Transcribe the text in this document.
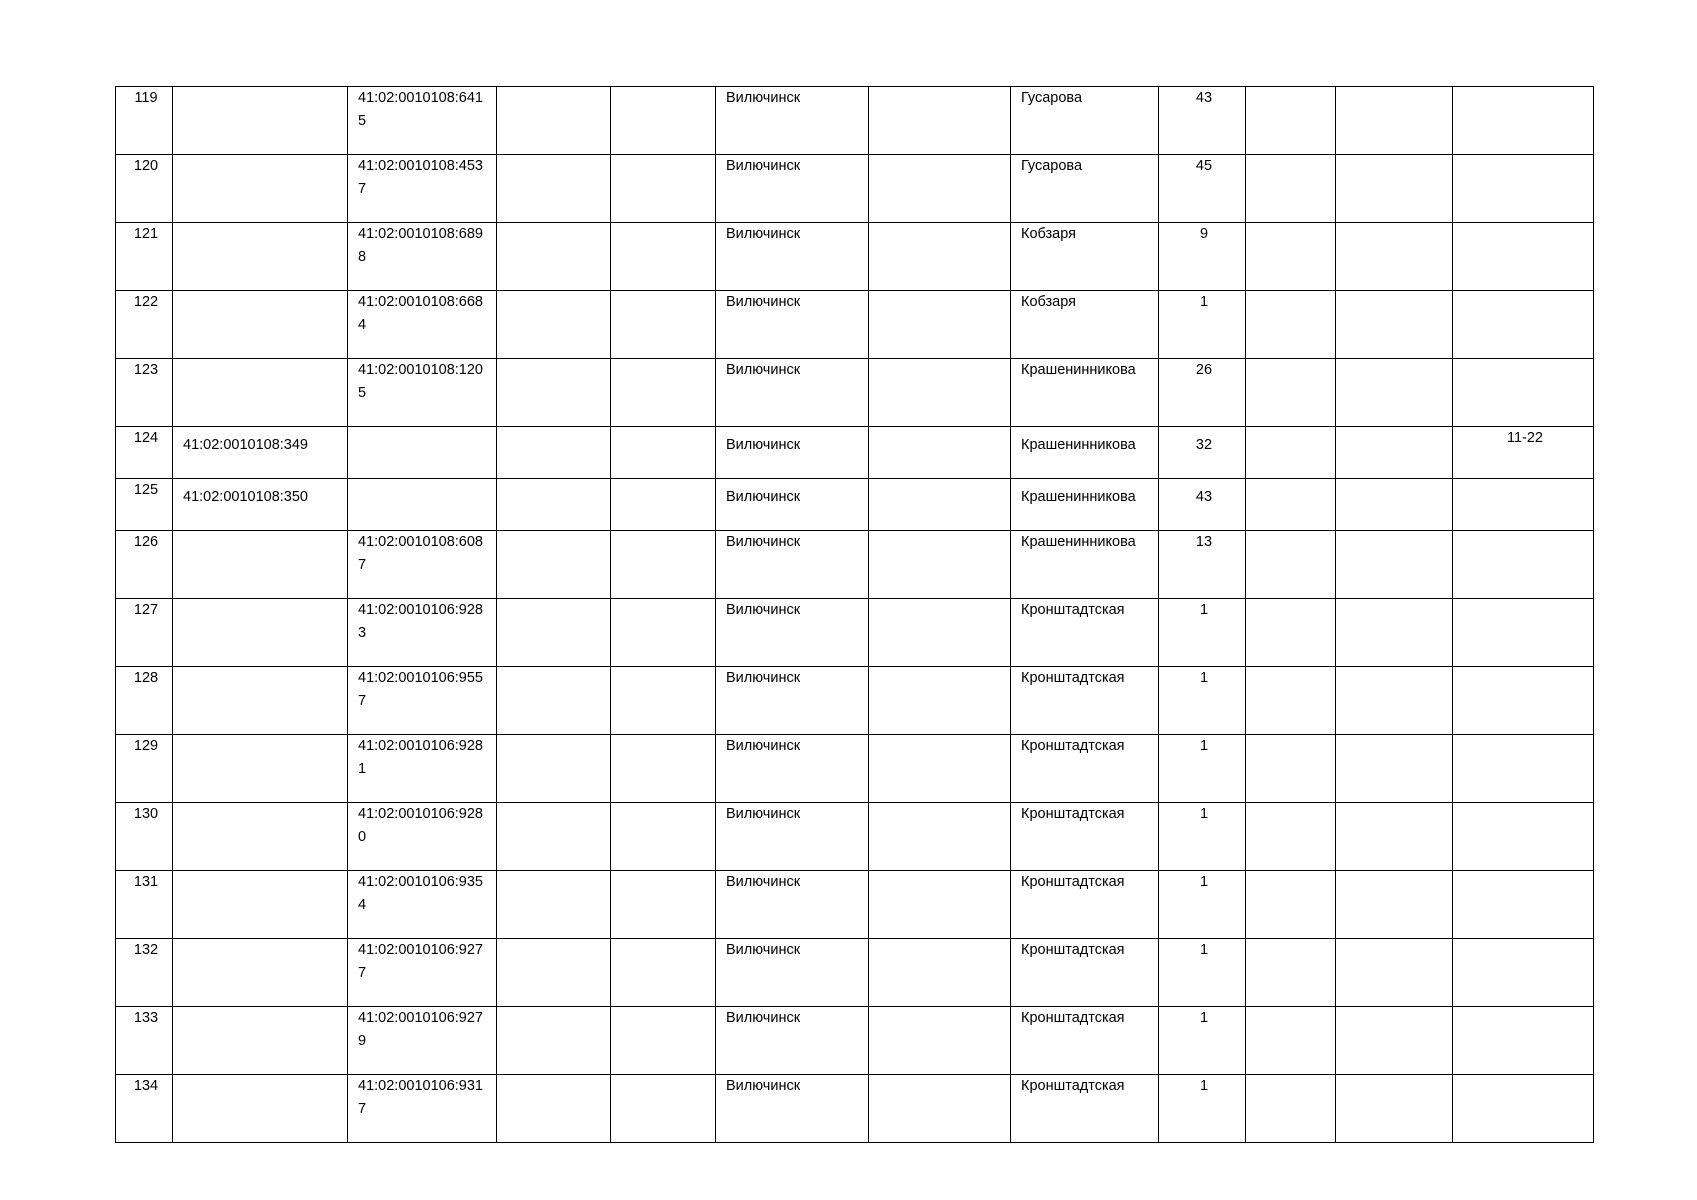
119		41:02:0010108:6415			Вилючинск		Гусарова	43			
120		41:02:0010108:4537			Вилючинск		Гусарова	45			
121		41:02:0010108:6898			Вилючинск		Кобзаря	9			
122		41:02:0010108:6684			Вилючинск		Кобзаря	1			
123		41:02:0010108:1205			Вилючинск		Крашенинникова	26			
124	41:02:0010108:349				Вилючинск		Крашенинникова	32			11-22
125	41:02:0010108:350				Вилючинск		Крашенинникова	43			
126		41:02:0010108:6087			Вилючинск		Крашенинникова	13			
127		41:02:0010106:9283			Вилючинск		Кронштадтская	1			
128		41:02:0010106:9557			Вилючинск		Кронштадтская	1			
129		41:02:0010106:9281			Вилючинск		Кронштадтская	1			
130		41:02:0010106:9280			Вилючинск		Кронштадтская	1			
131		41:02:0010106:9354			Вилючинск		Кронштадтская	1			
132		41:02:0010106:9277			Вилючинск		Кронштадтская	1			
133		41:02:0010106:9279			Вилючинск		Кронштадтская	1			
134		41:02:0010106:9317			Вилючинск		Кронштадтская	1			
